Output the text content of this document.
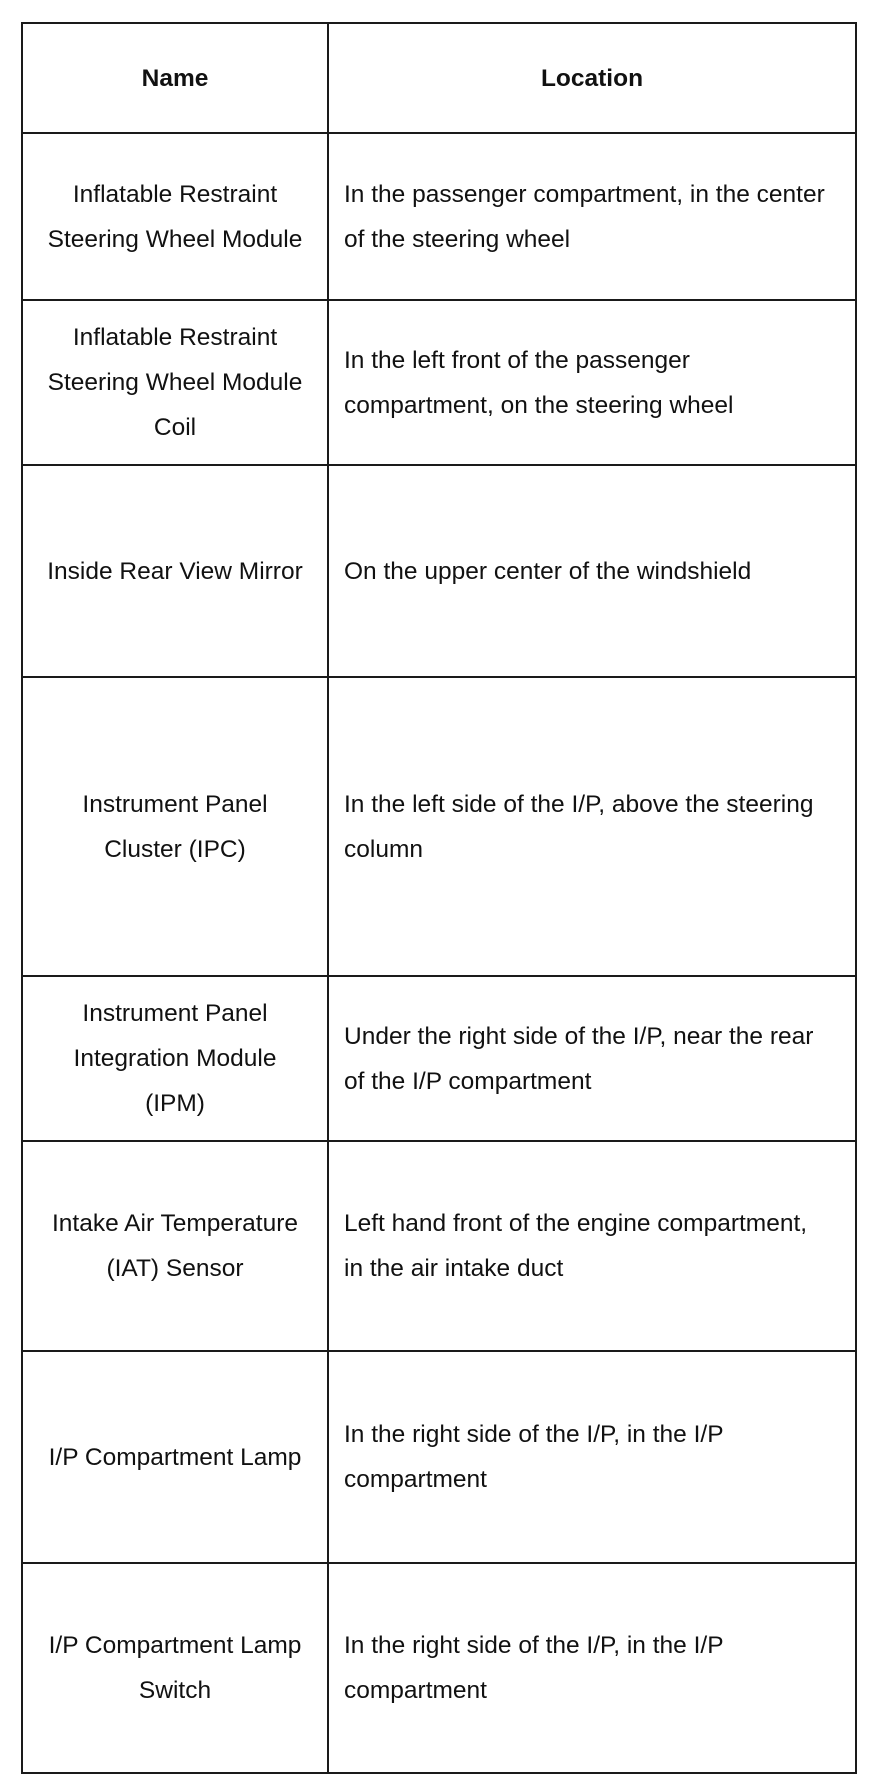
Name	Location
Inflatable Restraint Steering Wheel Module	In the passenger compartment, in the center of the steering wheel
Inflatable Restraint Steering Wheel Module Coil	In the left front of the passenger compartment, on the steering wheel
Inside Rear View Mirror	On the upper center of the windshield
Instrument Panel Cluster (IPC)	In the left side of the I/P, above the steering column
Instrument Panel Integration Module (IPM)	Under the right side of the I/P, near the rear of the I/P compartment
Intake Air Temperature (IAT) Sensor	Left hand front of the engine compartment, in the air intake duct
I/P Compartment Lamp	In the right side of the I/P, in the I/P compartment
I/P Compartment Lamp Switch	In the right side of the I/P, in the I/P compartment
